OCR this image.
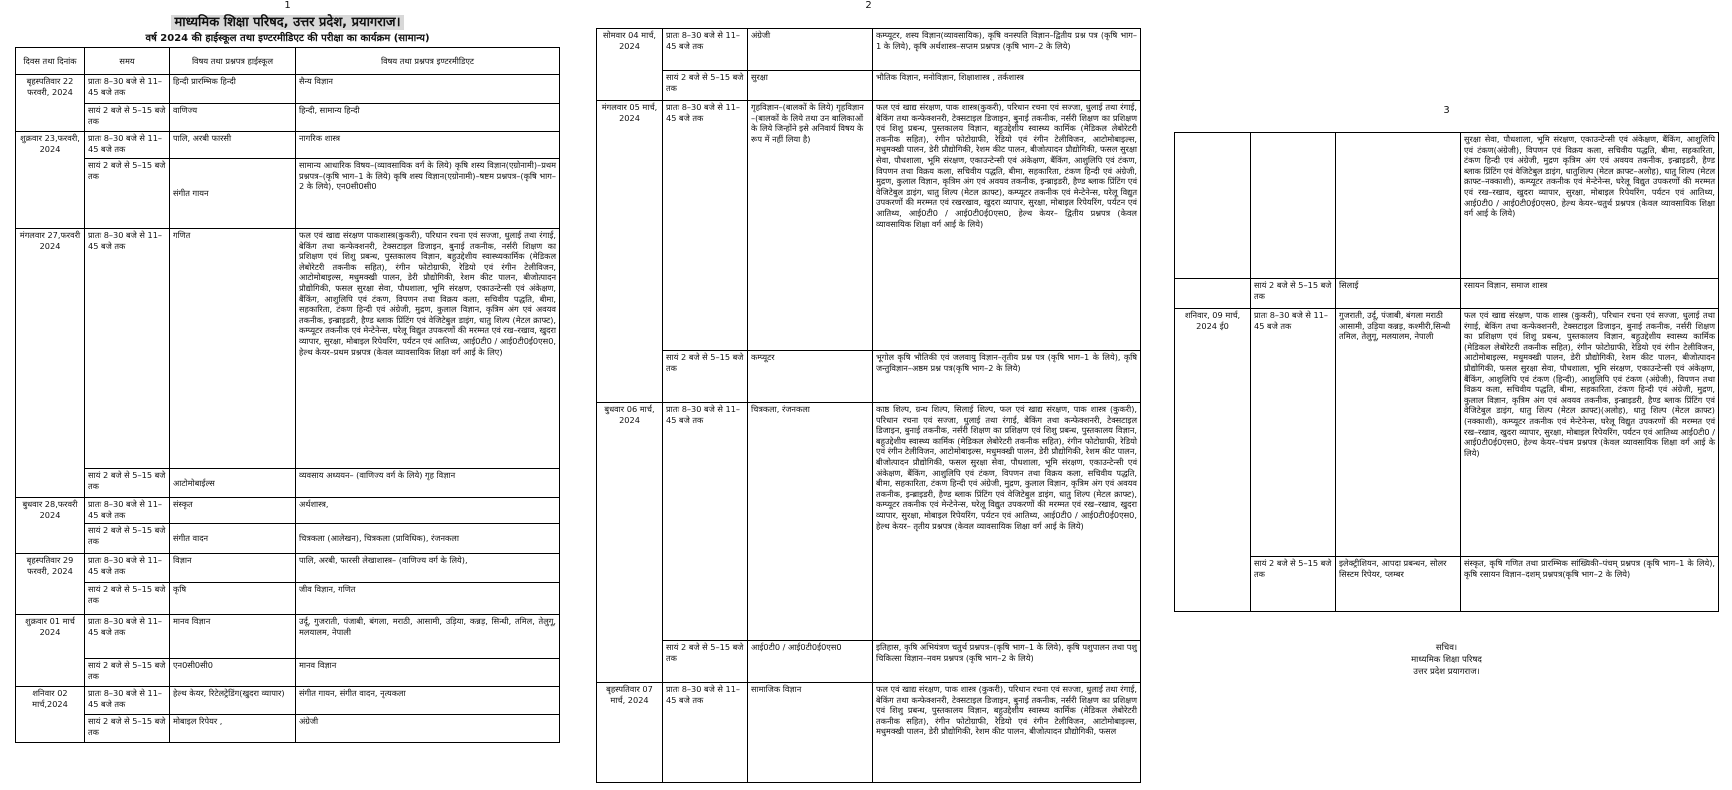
1
माध्यमिक शिक्षा परिषद, उत्तर प्रदेश, प्रयागराज।
वर्ष 2024 की हाईस्कूल तथा इण्टरमीडिएट की परीक्षा का कार्यक्रम (सामान्य)
दिवस तथा दिनांक	समय	विषय तथा प्रश्नपत्र हाईस्कूल	विषय तथा प्रश्नपत्र इण्टरमीडिएट
बृहस्पतिवार 22 फरवरी, 2024	प्रातः 8–30 बजे से 11–45 बजे तक	हिन्दी प्रारम्भिक हिन्दी	सैन्य विज्ञान
	सायं 2 बजे से 5–15 बजे तक	वाणिज्य	हिन्दी, सामान्य हिन्दी
शुक्रवार 23,फरवरी, 2024	प्रातः 8–30 बजे से 11–45 बजे तक	पालि, अरबी फारसी	नागरिक शास्त्र
	सायं 2 बजे से 5–15 बजे तक	संगीत गायन	सामान्य आधारिक विषय–(व्यावसायिक वर्ग के लिये) कृषि शस्य विज्ञान(एग्रोनामी)–प्रथम प्रश्नपत्र–(कृषि भाग–1 के लिये) कृषि शस्य विज्ञान(एग्रोनामी)–षष्टम प्रश्नपत्र–(कृषि भाग–2 के लिये), एन0सी0सी0
मंगलवार 27,फरवरी 2024	प्रातः 8–30 बजे से 11–45 बजे तक	गणित	फल एवं खाद्य संरक्षण पाकशास्त्र(कुकरी), परिधान रचना एवं सज्जा, धुलाई तथा रंगाई, बेकिंग तथा कन्फेक्शनरी, टेक्सटाइल डिजाइन, बुनाई तकनीक, नर्सरी शिक्षण का प्रशिक्षण एवं शिशु प्रबन्ध, पुस्तकालय विज्ञान, बहुउद्देशीय स्वास्थ्यकार्मिक (मेडिकल लेबोरेटरी तकनीक सहित), रंगीन फोटोग्राफी, रेडियो एवं रंगीन टेलीविजन, आटोमोबाइल्स, मधुमक्खी पालन, डेरी प्रौद्योगिकी, रेशम कीट पालन, बीजोत्पादन प्रौद्योगिकी, फसल सुरक्षा सेवा, पौधशाला, भूमि संरक्षण, एकाउन्टेन्सी एवं अंकेक्षण, बैंकिंग, आशुलिपि एवं टंकण, विपणन तथा विक्रय कला, सचिवीय पद्धति, बीमा, सहकारिता, टंकण हिन्दी एवं अंग्रेजी, मुद्रण, कुलाल विज्ञान, कृत्रिम अंग एवं अवयव तकनीक, इन्ब्राइडरी, हैण्ड ब्लाक प्रिंटिंग एवं वेजिटेबुल डाइंग, धातु शिल्प (मेटल क्राफ्ट), कम्प्यूटर तकनीक एवं मेन्टेनेन्स, घरेलू विद्युत उपकरणों की मरम्मत एवं रख–रखाव, खुदरा व्यापार, सुरक्षा, मोबाइल रिपेयरिंग, पर्यटन एवं आतिथ्य, आई0टी0 / आई0टी0ई0एस0, हेल्थ केयर–प्रथम प्रश्नपत्र (केवल व्यावसायिक शिक्षा वर्ग आई के लिए)
	सायं 2 बजे से 5–15 बजे तक	आटोमोबाईल्स	व्यवसाय अध्ययन– (वाणिज्य वर्ग के लिये) गृह विज्ञान
बुधवार 28,फरवरी 2024	प्रातः 8–30 बजे से 11–45 बजे तक	संस्कृत	अर्थशास्त्र,
	सायं 2 बजे से 5–15 बजे तक	संगीत वादन	चित्रकला (आलेखन), चित्रकला (प्राविधिक), रंजनकला
बृहस्पतिवार 29 फरवरी, 2024	प्रातः 8–30 बजे से 11–45 बजे तक	विज्ञान	पालि, अरबी, फारसी लेखाशास्त्र– (वाणिज्य वर्ग के लिये),
	सायं 2 बजे से 5–15 बजे तक	कृषि	जीव विज्ञान, गणित
शुक्रवार 01 मार्च 2024	प्रातः 8–30 बजे से 11–45 बजे तक	मानव विज्ञान	उर्दू, गुजराती, पंजाबी, बंगला, मराठी, आसामी, उड़िया, कन्नड़, सिन्धी, तमिल, तेलुगू, मलयालम, नेपाली
	सायं 2 बजे से 5–15 बजे तक	एन0सी0सी0	मानव विज्ञान
शनिवार 02 मार्च,2024	प्रातः 8–30 बजे से 11–45 बजे तक	हेल्थ केयर, रिटेलट्रेडिंग(खुदरा व्यापार)	संगीत गायन, संगीत वादन, नृत्यकला
	सायं 2 बजे से 5–15 बजे तक	मोबाइल रिपेयर ,	अंग्रेजी
2
सोमवार 04 मार्च, 2024	प्रातः 8–30 बजे से 11–45 बजे तक	अंग्रेजी	कम्प्यूटर, शस्य विज्ञान(व्यावसायिक), कृषि वनस्पति विज्ञान–द्वितीय प्रश्न पत्र (कृषि भाग–1 के लिये), कृषि अर्थशास्त्र–सप्तम प्रश्नपत्र (कृषि भाग–2 के लिये)
	सायं 2 बजे से 5–15 बजे तक	सुरक्षा	भौतिक विज्ञान, मनोविज्ञान, शिक्षाशास्त्र , तर्कशास्त्र
मंगलवार 05 मार्च, 2024	प्रातः 8–30 बजे से 11–45 बजे तक	गृहविज्ञान–(बालकों के लिये) गृहविज्ञान –(बालकों के लिये तथा उन बालिकाओं के लिये जिन्होंने इसे अनिवार्य विषय के रूप में नहीं लिया है)	फल एवं खाद्य संरक्षण, पाक शास्त्र(कुकरी), परिधान रचना एवं सज्जा, धुलाई तथा रंगाई, बेकिंग तथा कन्फेक्शनरी, टेक्सटाइल डिजाइन, बुनाई तकनीक, नर्सरी शिक्षण का प्रशिक्षण एवं शिशु प्रबन्ध, पुस्तकालय विज्ञान, बहुउद्देशीय स्वास्थ्य कार्मिक (मेडिकल लेबोरेटरी तकनीक सहित), रंगीन फोटोग्राफी, रेडियो एवं रंगीन टेलीविजन, आटोमोबाइल्स, मधुमक्खी पालन, डेरी प्रौद्योगिकी, रेशम कीट पालन, बीजोत्पादन प्रौद्योगिकी, फसल सुरक्षा सेवा, पौधशाला, भूमि संरक्षण, एकाउन्टेन्सी एवं अंकेक्षण, बैंकिंग, आशुलिपि एवं टंकण, विपणन तथा विक्रय कला, सचिवीय पद्धति, बीमा, सहकारिता, टंकण हिन्दी एवं अंग्रेजी, मुद्रण, कुलाल विज्ञान, कृत्रिम अंग एवं अवयव तकनीक, इन्ब्राइडरी, हैण्ड ब्लाक प्रिंटिंग एवं वेजिटेबुल डाइंग, धातु शिल्प (मेटल क्राफ्ट), कम्प्यूटर तकनीक एवं मेन्टेनेन्स, घरेलू विद्युत उपकरणों की मरम्मत एवं रखरखाव, खुदरा व्यापार, सुरक्षा, मोबाइल रिपेयरिंग, पर्यटन एवं आतिथ्य, आई0टी0 / आई0टी0ई0एस0, हेल्थ केयर– द्वितीय प्रश्नपत्र (केवल व्यावसायिक शिक्षा वर्ग आई के लिये)
	सायं 2 बजे से 5–15 बजे तक	कम्प्यूटर	भूगोल कृषि भौतिकी एवं जलवायु विज्ञान–तृतीय प्रश्न पत्र (कृषि भाग–1 के लिये), कृषि जन्तुविज्ञान–अष्ठम प्रश्न पत्र(कृषि भाग–2 के लिये)
बुधवार 06 मार्च, 2024	प्रातः 8–30 बजे से 11–45 बजे तक	चित्रकला, रंजनकला	काष्ठ शिल्प, ग्रन्थ शिल्प, सिलाई शिल्प, फल एवं खाद्य संरक्षण, पाक शास्त्र (कुकरी), परिधान रचना एवं सज्जा, धुलाई तथा रंगाई, बेकिंग तथा कन्फेक्शनरी, टेक्सटाइल डिजाइन, बुनाई तकनीक, नर्सरी शिक्षण का प्रशिक्षण एवं शिशु प्रबन्ध, पुस्तकालय विज्ञान, बहुउद्देशीय स्वास्थ्य कार्मिक (मेडिकल लेबोरेटरी तकनीक सहित), रंगीन फोटोग्राफी, रेडियो एवं रंगीन टेलीविजन, आटोमोबाइल्स, मधुमक्खी पालन, डेरी प्रौद्योगिकी, रेशम कीट पालन, बीजोत्पादन प्रौद्योगिकी, फसल सुरक्षा सेवा, पौधशाला, भूमि संरक्षण, एकाउन्टेन्सी एवं अंकेक्षण, बैंकिंग, आशुलिपि एवं टंकण, विपणन तथा विक्रय कला, सचिवीय पद्धति, बीमा, सहकारिता, टंकण हिन्दी एवं अंग्रेजी, मुद्रण, कुलाल विज्ञान, कृत्रिम अंग एवं अवयव तकनीक, इन्ब्राइडरी, हैण्ड ब्लाक प्रिंटिंग एवं वेजिटेबुल डाइंग, धातु शिल्प (मेटल क्राफ्ट), कम्प्यूटर तकनीक एवं मेन्टेनेन्स, घरेलू विद्युत उपकरणों की मरम्मत एवं रख–रखाव, खुदरा व्यापार, सुरक्षा, मोबाइल रिपेयरिंग, पर्यटन एवं आतिथ्य, आई0टी0 / आई0टी0ई0एस0, हेल्थ केयर– तृतीय प्रश्नपत्र (केवल व्यावसायिक शिक्षा वर्ग आई के लिये)
	सायं 2 बजे से 5–15 बजे तक	आई0टी0 / आई0टी0ई0एस0	इतिहास, कृषि अभियंत्रण चतुर्थ प्रश्नपत्र–(कृषि भाग–1 के लिये), कृषि पशुपालन तथा पशु चिकित्सा विज्ञान–नवम प्रश्नपत्र (कृषि भाग–2 के लिये)
बृहस्पतिवार 07 मार्च, 2024	प्रातः 8–30 बजे से 11–45 बजे तक	सामाजिक विज्ञान	फल एवं खाद्य संरक्षण, पाक शास्त्र (कुकरी), परिधान रचना एवं सज्जा, धुलाई तथा रंगाई, बेकिंग तथा कन्फेक्शनरी, टेक्सटाइल डिजाइन, बुनाई तकनीक, नर्सरी शिक्षण का प्रशिक्षण एवं शिशु प्रबन्ध, पुस्तकालय विज्ञान, बहुउद्देशीय स्वास्थ्य कार्मिक (मेडिकल लेबोरेटरी तकनीक सहित), रंगीन फोटोग्राफी, रेडियो एवं रंगीन टेलीविजन, आटोमोबाइल्स, मधुमक्खी पालन, डेरी प्रौद्योगिकी, रेशम कीट पालन, बीजोत्पादन प्रौद्योगिकी, फसल
3
			सुरक्षा सेवा, पौधशाला, भूमि संरक्षण, एकाउन्टेन्सी एवं अंकेक्षण, बैंकिंग, आशुलिपि एवं टंकण(अंग्रेजी), विपणन एवं विक्रय कला, सचिवीय पद्धति, बीमा, सहकारिता, टंकण हिन्दी एवं अंग्रेजी, मुद्रण कृत्रिम अंग एवं अवयव तकनीक, इन्ब्राइडरी, हैण्ड ब्लाक प्रिंटिंग एवं वेजिटेबुल डाइंग, धातुशिल्प (मेटल क्राफ्ट–अलोह), धातु शिल्प (मेटल क्राफ्ट–नक्काशी), कम्प्यूटर तकनीक एवं मेन्टेनेन्स, घरेलू विद्युत उपकरणों की मरम्मत एवं रख–रखाव, खुदरा व्यापार, सुरक्षा, मोबाइल रिपेयरिंग, पर्यटन एवं आतिथ्य, आई0टी0 / आई0टी0ई0एस0, हेल्थ केयर–चतुर्थ प्रश्नपत्र (केवल व्यावसायिक शिक्षा वर्ग आई के लिये)
	सायं 2 बजे से 5–15 बजे तक	सिलाई	रसायन विज्ञान, समाज शास्त्र
शनिवार, 09 मार्च, 2024 ई0	प्रातः 8–30 बजे से 11–45 बजे तक	गुजराती, उर्दू, पंजाबी, बंगला मराठी आसामी, उड़िया कन्नड़, कश्मीरी,सिन्धी तमिल, तेलुगू, मलयालम, नेपाली	फल एवं खाद्य संरक्षण, पाक शास्त्र (कुकरी), परिधान रचना एवं सज्जा, धुलाई तथा रंगाई, बेकिंग तथा कन्फेक्शनरी, टेक्सटाइल डिजाइन, बुनाई तकनीक, नर्सरी शिक्षण का प्रशिक्षण एवं शिशु प्रबन्ध, पुस्तकालय विज्ञान, बहुउद्देशीय स्वास्थ्य कार्मिक (मेडिकल लेबोरेटरी तकनीक सहित), रंगीन फोटोग्राफी, रेडियो एवं रंगीन टेलीविजन, आटोमोबाइल्स, मधुमक्खी पालन, डेरी प्रौद्योगिकी, रेशम कीट पालन, बीजोत्पादन प्रौद्योगिकी, फसल सुरक्षा सेवा, पौधशाला, भूमि संरक्षण, एकाउन्टेन्सी एवं अंकेक्षण, बैंकिंग, आशुलिपि एवं टंकण (हिन्दी), आशुलिपि एवं टंकण (अंग्रेजी), विपणन तथा विक्रय कला, सचिवीय पद्धति, बीमा, सहकारिता, टंकण हिन्दी एवं अंग्रेजी, मुद्रण, कुलाल विज्ञान, कृत्रिम अंग एवं अवयव तकनीक, इन्ब्राइडरी, हैण्ड ब्लाक प्रिंटिंग एवं वेजिटेबुल डाइंग, धातु शिल्प (मेटल क्राफ्ट)(अलोह), धातु शिल्प (मेटल क्राफ्ट)(नक्काशी), कम्प्यूटर तकनीक एवं मेन्टेनेन्स, घरेलू विद्युत उपकरणों की मरम्मत एवं रख–रखाव, खुदरा व्यापार, सुरक्षा, मोबाइल रिपेयरिंग, पर्यटन एवं आतिथ्य आई0टी0 / आई0टी0ई0एस0, हेल्थ केयर–पंचम प्रश्नपत्र (केवल व्यावसायिक शिक्षा वर्ग आई के लिये)
	सायं 2 बजे से 5–15 बजे तक	इलेक्ट्रीशियन, आपदा प्रबन्धन, सोलर सिस्टम रिपेयर, प्लम्बर	संस्कृत, कृषि गणित तथा प्रारम्भिक सांख्यिकी–पंचम् प्रश्नपत्र (कृषि भाग–1 के लिये), कृषि रसायन विज्ञान–दशम् प्रश्नपत्र(कृषि भाग–2 के लिये)
सचिव।
माध्यमिक शिक्षा परिषद
उत्तर प्रदेश प्रयागराज।
